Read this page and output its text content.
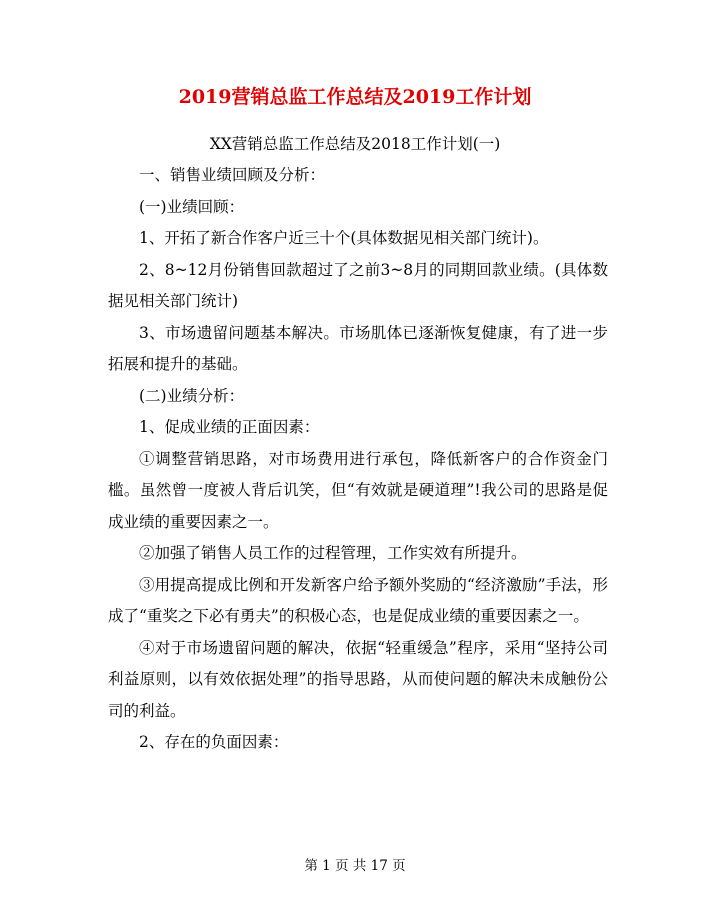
2019营销总监工作总结及2019工作计划
XX营销总监工作总结及2018工作计划(一)

一、销售业绩回顾及分析：

(一)业绩回顾：

1、开拓了新合作客户近三十个(具体数据见相关部门统计)。

2、8~12月份销售回款超过了之前3~8月的同期回款业绩。(具体数据见相关部门统计)

3、市场遗留问题基本解决。市场肌体已逐渐恢复健康，有了进一步拓展和提升的基础。

(二)业绩分析：

1、促成业绩的正面因素：

①调整营销思路，对市场费用进行承包，降低新客户的合作资金门槛。虽然曾一度被人背后讥笑，但“有效就是硬道理”!我公司的思路是促成业绩的重要因素之一。

②加强了销售人员工作的过程管理，工作实效有所提升。

③用提高提成比例和开发新客户给予额外奖励的“经济激励”手法，形成了“重奖之下必有勇夫”的积极心态，也是促成业绩的重要因素之一。

④对于市场遗留问题的解决，依据“轻重缓急”程序，采用“坚持公司利益原则，以有效依据处理”的指导思路，从而使问题的解决未成触份公司的利益。

2、存在的负面因素：

第 1 页 共 17 页
